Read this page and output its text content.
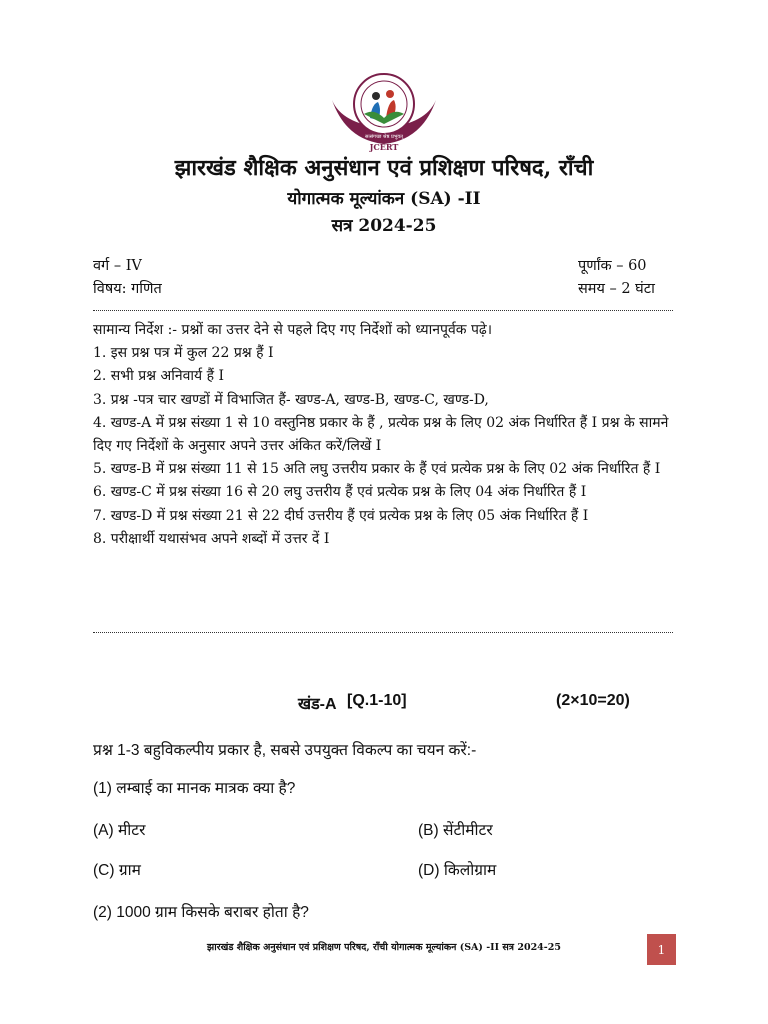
सत्संगच्छ श्रेष्ठ प्रभुवत्
JCERT
झारखंड शैक्षिक अनुसंधान एवं प्रशिक्षण परिषद, राँची
योगात्मक मूल्यांकन (SA) -II
सत्र 2024-25
वर्ग – IV	पूर्णांक – 60
विषय: गणित	समय – 2 घंटा

सामान्य निर्देश :- प्रश्नों का उत्तर देने से पहले दिए गए निर्देशों को ध्यानपूर्वक पढ़े।

1. इस प्रश्न पत्र में कुल 22 प्रश्न हैं I

2. सभी प्रश्न अनिवार्य हैं I

3. प्रश्न -पत्र चार खण्डों में विभाजित हैं- खण्ड-A, खण्ड-B, खण्ड-C, खण्ड-D,

4. खण्ड-A में प्रश्न संख्या 1 से 10 वस्तुनिष्ठ प्रकार के हैं , प्रत्येक प्रश्न के लिए 02 अंक निर्धारित हैं I प्रश्न के सामने दिए गए निर्देशों के अनुसार अपने उत्तर अंकित करें/लिखें I

5. खण्ड-B में प्रश्न संख्या 11 से 15 अति लघु उत्तरीय प्रकार के हैं एवं प्रत्येक प्रश्न के लिए 02 अंक निर्धारित हैं I

6. खण्ड-C में प्रश्न संख्या 16 से 20 लघु उत्तरीय हैं एवं प्रत्येक प्रश्न के लिए 04 अंक निर्धारित हैं I

7. खण्ड-D में प्रश्न संख्या 21 से 22 दीर्घ उत्तरीय हैं एवं प्रत्येक प्रश्न के लिए 05 अंक निर्धारित हैं I

8. परीक्षार्थी यथासंभव अपने शब्दों में उत्तर दें I

खंड-A [Q.1-10]	(2×10=20)
प्रश्न 1-3 बहुविकल्पीय प्रकार है, सबसे उपयुक्त विकल्प का चयन करें:-
(1) लम्बाई का मानक मात्रक क्या है?
(A) मीटर	(B) सेंटीमीटर
(C) ग्राम	(D) किलोग्राम
(2) 1000 ग्राम किसके बराबर होता है?
झारखंड शैक्षिक अनुसंधान एवं प्रशिक्षण परिषद, राँची योगात्मक मूल्यांकन (SA) -II सत्र 2024-25	1
